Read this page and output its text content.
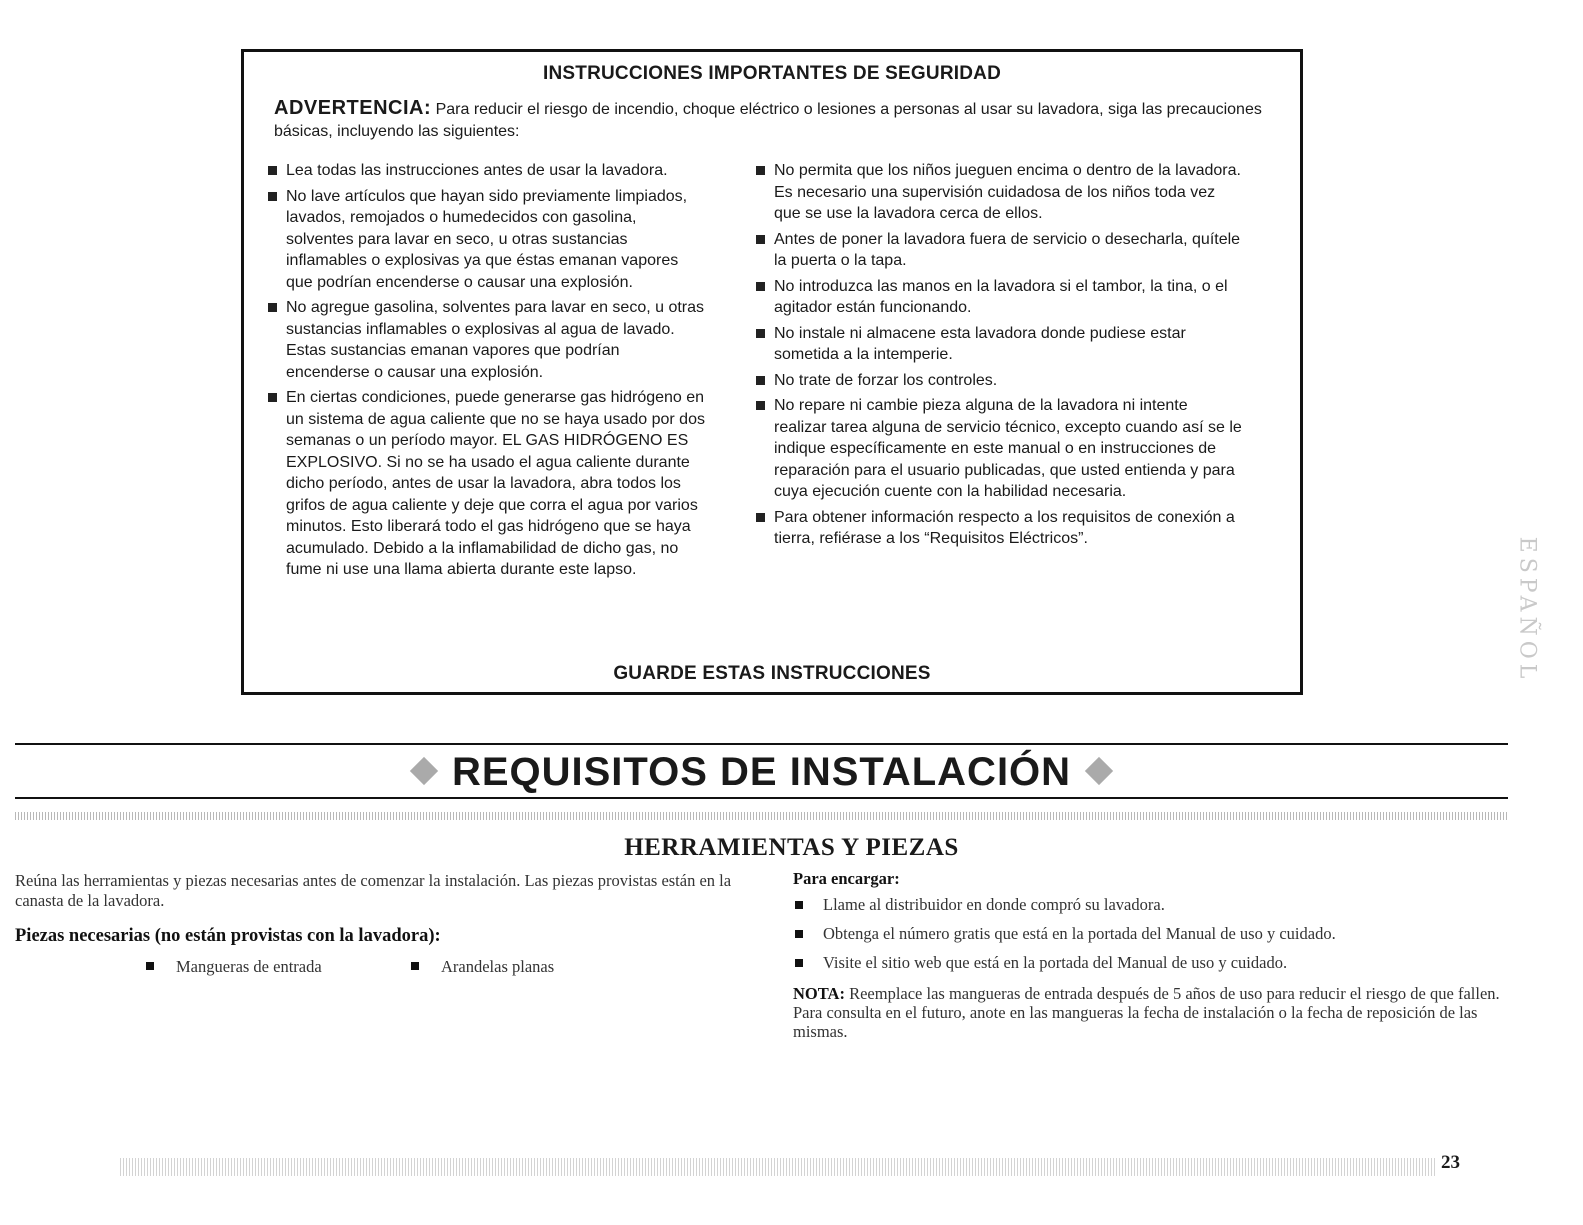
INSTRUCCIONES IMPORTANTES DE SEGURIDAD
ADVERTENCIA: Para reducir el riesgo de incendio, choque eléctrico o lesiones a personas al usar su lavadora, siga las precauciones básicas, incluyendo las siguientes:
Lea todas las instrucciones antes de usar la lavadora.
No lave artículos que hayan sido previamente limpiados, lavados, remojados o humedecidos con gasolina, solventes para lavar en seco, u otras sustancias inflamables o explosivas ya que éstas emanan vapores que podrían encenderse o causar una explosión.
No agregue gasolina, solventes para lavar en seco, u otras sustancias inflamables o explosivas al agua de lavado. Estas sustancias emanan vapores que podrían encenderse o causar una explosión.
En ciertas condiciones, puede generarse gas hidrógeno en un sistema de agua caliente que no se haya usado por dos semanas o un período mayor. EL GAS HIDRÓGENO ES EXPLOSIVO. Si no se ha usado el agua caliente durante dicho período, antes de usar la lavadora, abra todos los grifos de agua caliente y deje que corra el agua por varios minutos. Esto liberará todo el gas hidrógeno que se haya acumulado. Debido a la inflamabilidad de dicho gas, no fume ni use una llama abierta durante este lapso.
No permita que los niños jueguen encima o dentro de la lavadora. Es necesario una supervisión cuidadosa de los niños toda vez que se use la lavadora cerca de ellos.
Antes de poner la lavadora fuera de servicio o desecharla, quítele la puerta o la tapa.
No introduzca las manos en la lavadora si el tambor, la tina, o el agitador están funcionando.
No instale ni almacene esta lavadora donde pudiese estar sometida a la intemperie.
No trate de forzar los controles.
No repare ni cambie pieza alguna de la lavadora ni intente realizar tarea alguna de servicio técnico, excepto cuando así se le indique específicamente en este manual o en instrucciones de reparación para el usuario publicadas, que usted entienda y para cuya ejecución cuente con la habilidad necesaria.
Para obtener información respecto a los requisitos de conexión a tierra, refiérase a los “Requisitos Eléctricos”.
GUARDE ESTAS INSTRUCCIONES	ESPAÑOL
REQUISITOS DE INSTALACIÓN
HERRAMIENTAS Y PIEZAS
Reúna las herramientas y piezas necesarias antes de comenzar la instalación. Las piezas provistas están en la canasta de la lavadora.
Piezas necesarias (no están provistas con la lavadora):
Mangueras de entrada	Arandelas planas
Para encargar:
Llame al distribuidor en donde compró su lavadora.
Obtenga el número gratis que está en la portada del Manual de uso y cuidado.
Visite el sitio web que está en la portada del Manual de uso y cuidado.
NOTA: Reemplace las mangueras de entrada después de 5 años de uso para reducir el riesgo de que fallen. Para consulta en el futuro, anote en las mangueras la fecha de instalación o la fecha de reposición de las mismas.
23
